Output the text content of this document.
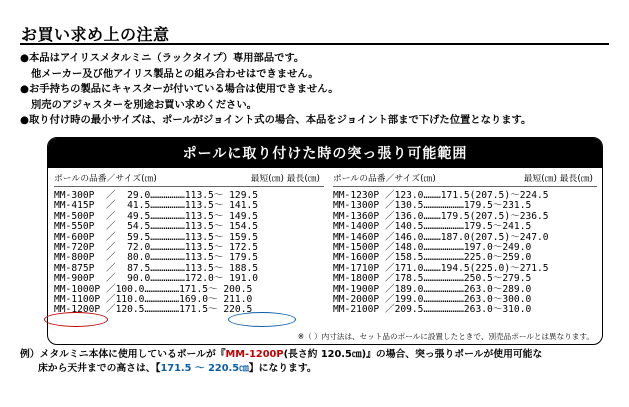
お買い求め上の注意
●本品はアイリスメタルミニ（ラックタイプ）専用部品です。
他メーカー及び他アイリス製品との組み合わせはできません。
●お手持ちの製品にキャスターが付いている場合は使用できません。
別売のアジャスターを別途お買い求めください。
●取り付け時の最小サイズは、ポールがジョイント式の場合、本品をジョイント部まで下げた位置となります。
ポールに取り付けた時の突っ張り可能範囲
ポールの品番／サイズ(㎝)	最短(㎝) 最長(㎝)
MM-300P  ／  29.0………………113.5～ 129.5
MM-415P  ／  41.5………………113.5～ 141.5
MM-500P  ／  49.5………………113.5～ 149.5
MM-550P  ／  54.5………………113.5～ 154.5
MM-600P  ／  59.5………………113.5～ 159.5
MM-720P  ／  72.0………………113.5～ 172.5
MM-800P  ／  80.0………………113.5～ 179.5
MM-875P  ／  87.5………………113.5～ 188.5
MM-900P  ／  90.0………………172.0～ 191.0
MM-1000P ／100.0………………171.5～ 200.5
MM-1100P ／110.0………………169.0～ 211.0
MM-1200P ／120.5………………171.5～ 220.5
ポールの品番／サイズ(㎝)	最短(㎝) 最長(㎝)
MM-1230P ／123.0………171.5(207.5)～224.5
MM-1300P ／130.5…………………179.5～231.5
MM-1360P ／136.0………179.5(207.5)～236.5
MM-1400P ／140.5…………………179.5～241.5
MM-1460P ／146.0………187.0(207.5)～247.0
MM-1500P ／148.0…………………197.0～249.0
MM-1600P ／158.5…………………225.0～259.0
MM-1710P ／171.0………194.5(225.0)～271.5
MM-1800P ／178.5…………………250.5～279.5
MM-1900P ／189.0…………………263.0～289.0
MM-2000P ／199.0…………………263.0～300.0
MM-2100P ／209.5…………………263.0～310.0
※（ ）内寸法は、セット品のポールに設置したときで、別売品ポールとは異なります。
例）メタルミニ本体に使用しているポールが『MM-1200P(長さ約 120.5㎝)』の場合、突っ張りポールが使用可能な
床から天井までの高さは、【171.5 ～ 220.5㎝】になります。
